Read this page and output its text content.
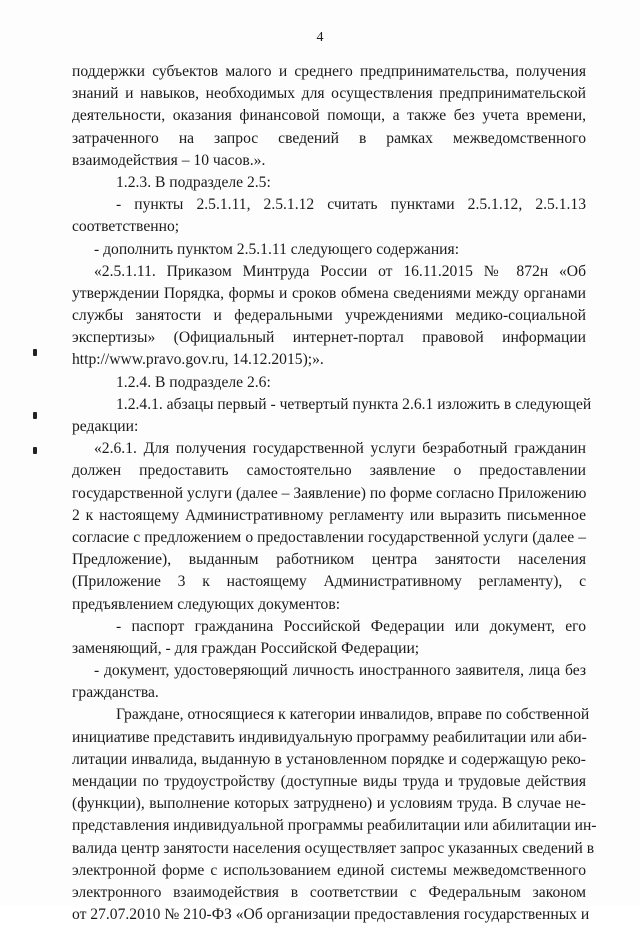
4
поддержки субъектов малого и среднего предпринимательства, получения
знаний и навыков, необходимых для осуществления предпринимательской
деятельности, оказания финансовой помощи, а также без учета времени,
затраченного на запрос сведений в рамках межведомственного
взаимодействия – 10 часов.».
1.2.3. В подразделе 2.5:
- пункты 2.5.1.11, 2.5.1.12 считать пунктами 2.5.1.12, 2.5.1.13
соответственно;
- дополнить пунктом 2.5.1.11 следующего содержания:
«2.5.1.11. Приказом Минтруда России от 16.11.2015 № 872н «Об
утверждении Порядка, формы и сроков обмена сведениями между органами
службы занятости и федеральными учреждениями медико-социальной
экспертизы» (Официальный интернет-портал правовой информации
http://www.pravo.gov.ru, 14.12.2015);».
1.2.4. В подразделе 2.6:
1.2.4.1. абзацы первый - четвертый пункта 2.6.1 изложить в следующей
редакции:
«2.6.1. Для получения государственной услуги безработный гражданин
должен предоставить самостоятельно заявление о предоставлении
государственной услуги (далее – Заявление) по форме согласно Приложению
2 к настоящему Административному регламенту или выразить письменное
согласие с предложением о предоставлении государственной услуги (далее –
Предложение), выданным работником центра занятости населения
(Приложение 3 к настоящему Административному регламенту), с
предъявлением следующих документов:
- паспорт гражданина Российской Федерации или документ, его
заменяющий, - для граждан Российской Федерации;
- документ, удостоверяющий личность иностранного заявителя, лица без
гражданства.
Граждане, относящиеся к категории инвалидов, вправе по собственной
инициативе представить индивидуальную программу реабилитации или аби-
литации инвалида, выданную в установленном порядке и содержащую реко-
мендации по трудоустройству (доступные виды труда и трудовые действия
(функции), выполнение которых затруднено) и условиям труда. В случае не-
представления индивидуальной программы реабилитации или абилитации ин-
валида центр занятости населения осуществляет запрос указанных сведений в
электронной форме с использованием единой системы межведомственного
электронного взаимодействия в соответствии с Федеральным законом
от 27.07.2010 № 210-ФЗ «Об организации предоставления государственных и
